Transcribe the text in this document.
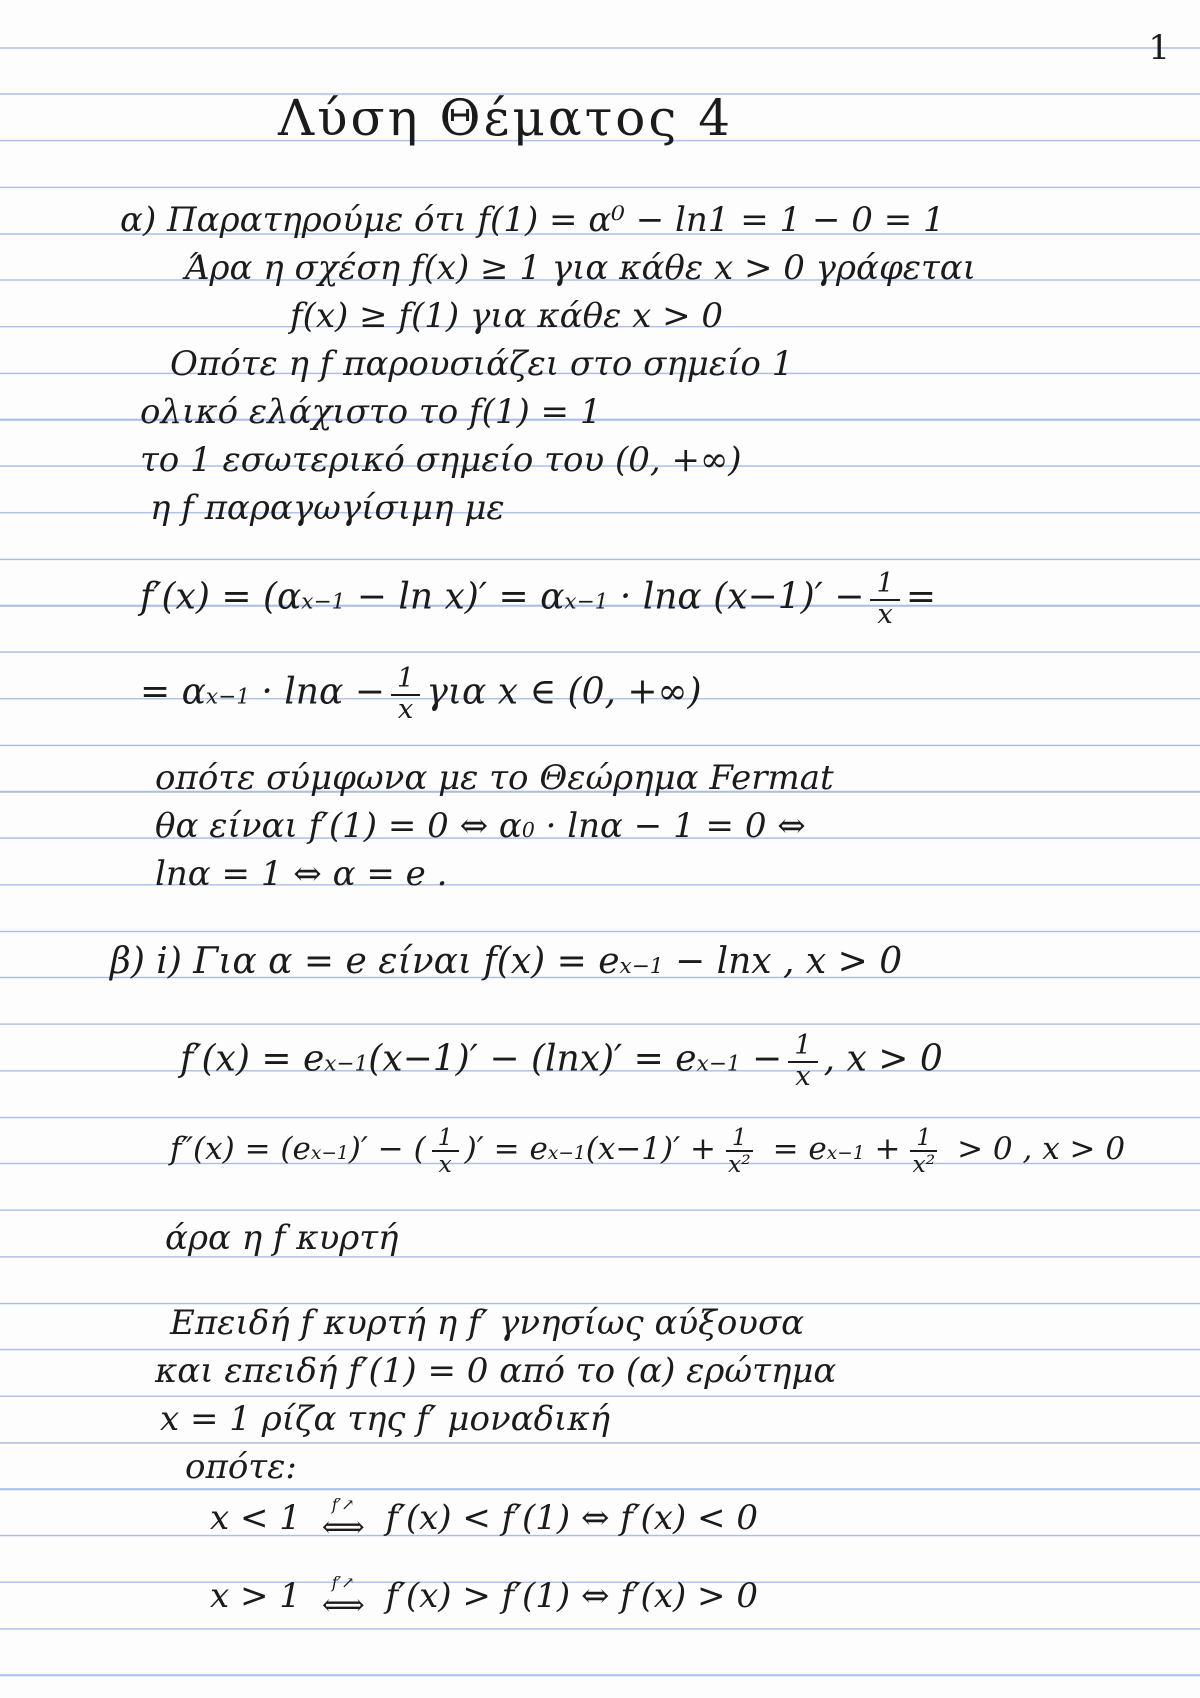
1
Λύση Θέματος 4
α) Παρατηρούμε ότι f(1) = α⁰ − ln1 = 1 − 0 = 1
Άρα η σχέση f(x) ≥ 1 για κάθε x > 0 γράφεται
f(x) ≥ f(1) για κάθε x > 0
Οπότε η f παρουσιάζει στο σημείο 1
ολικό ελάχιστο το f(1) = 1
το 1 εσωτερικό σημείο του (0, +∞)
η f παραγωγίσιμη με
$f'(x) = (\alpha^{x-1} - \ln x)' = \alpha^{x-1} \cdot \ln\alpha$ $(x-1)' - \frac{1}{x}$ =
= $\alpha^{x-1} \cdot \ln\alpha - \frac{1}{x}$ για x ∈ (0, +∞)
οπότε σύμφωνα με το Θεώρημα Fermat
θα είναι f′(1) = 0 ⇔ $\alpha^0 \cdot \ln\alpha - 1 = 0$ ⇔
lnα = 1 ⇔ α = e .
β) i) Για α = e είναι $f(x) = e^{x-1} - \ln x$ , x > 0
$f'(x) = e^{x-1}(x-1)' - (\ln x)' = e^{x-1} - \frac{1}{x}$ , x > 0
$f''(x) = (e^{x-1})'$ − ( $\frac{1}{x}$ )′ = $e^{x-1}(x-1)' + \frac{1}{\text{x²}} = e^{x-1} + \frac{1}{\text{x²}} > 0$ , x > 0
άρα η f κυρτή
Επειδή f κυρτή η f′ γνησίως αύξουσα
και επειδή f′(1) = 0 από το (α) ερώτημα
x = 1 ρίζα της f′ μοναδική
οπότε:
x < 1 f′↗
⟺ f′(x) < f′(1) ⇔ f′(x) < 0
x > 1 f′↗
⟺ f′(x) > f′(1) ⇔ f′(x) > 0
